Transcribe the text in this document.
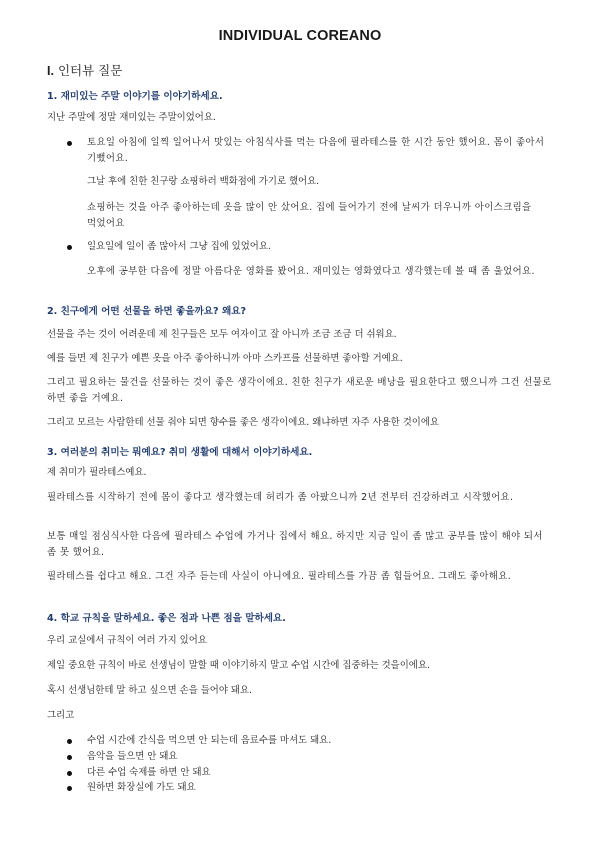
INDIVIDUAL COREANO
I. 인터뷰 질문
1. 재미있는 주말 이야기를 이야기하세요.
지난 주말에 정말 재미있는 주말이었어요.
토요일 아침에 일찍 일어나서 맛있는 아침식사를 먹는 다음에 필라테스를 한 시간 동안 했어요. 몸이 좋아서 기뻤어요.
그날 후에 친한 친구랑 쇼핑하러 백화점에 가기로 했어요.
쇼핑하는 것을 아주 좋아하는데 옷을 많이 안 샀어요. 집에 들어가기 전에 날씨가 더우니까 아이스크림을 먹었어요
일요일에 일이 좀 많아서 그냥 집에 있었어요.
오후에 공부한 다음에 정말 아름다운 영화를 봤어요. 재미있는 영화였다고 생각했는데 볼 때 좀 울었어요.
2. 친구에게 어떤 선물을 하면 좋을까요? 왜요?
선물을 주는 것이 어려운데 제 친구들은 모두 여자이고 잘 아니까 조금 조금 더 쉬워요.
예를 들면 제 친구가 예쁜 옷을 아주 좋아하니까 아마 스카프를 선물하면 좋아할 거예요.
그리고 필요하는 물건을 선물하는 것이 좋은 생각이에요. 친한 친구가 새로운 배낭을 필요한다고 했으니까 그건 선물로 하면 좋을 거예요.
그리고 모르는 사람한테 선물 줘야 되면 향수를 좋은 생각이에요. 왜냐하면 자주 사용한 것이에요
3. 여러분의 취미는 뭐예요? 취미 생활에 대해서 이야기하세요.
제 취미가 필라테스예요.
필라테스를 시작하기 전에 몸이 좋다고 생각했는데 허리가 좀 아팠으니까 2년 전부터 건강하려고 시작했어요.
보통 매일 점심식사한 다음에 필라테스 수업에 가거나 집에서 해요. 하지만 지금 일이 좀 많고 공부를 많이 해야 되서 좀 못 했어요.
필라테스를 쉽다고 해요. 그건 자주 듣는데 사실이 아니에요. 필라테스를 가끔 좀 힘들어요. 그래도 좋아해요.
4. 학교 규칙을 말하세요. 좋은 점과 나쁜 점을 말하세요.
우리 교실에서 규칙이 여러 가지 있어요
제일 중요한 규칙이 바로 선생님이 말할 때 이야기하지 말고 수업 시간에 집중하는 것을이에요.
혹시 선생님한테 말 하고 싶으면 손을 들어야 돼요.
그리고
수업 시간에 간식을 먹으면 안 되는데 음료수를 마셔도 돼요.
음악을 들으면 안 돼요
다른 수업 숙제를 하면 안 돼요
원하면 화장실에 가도 돼요
